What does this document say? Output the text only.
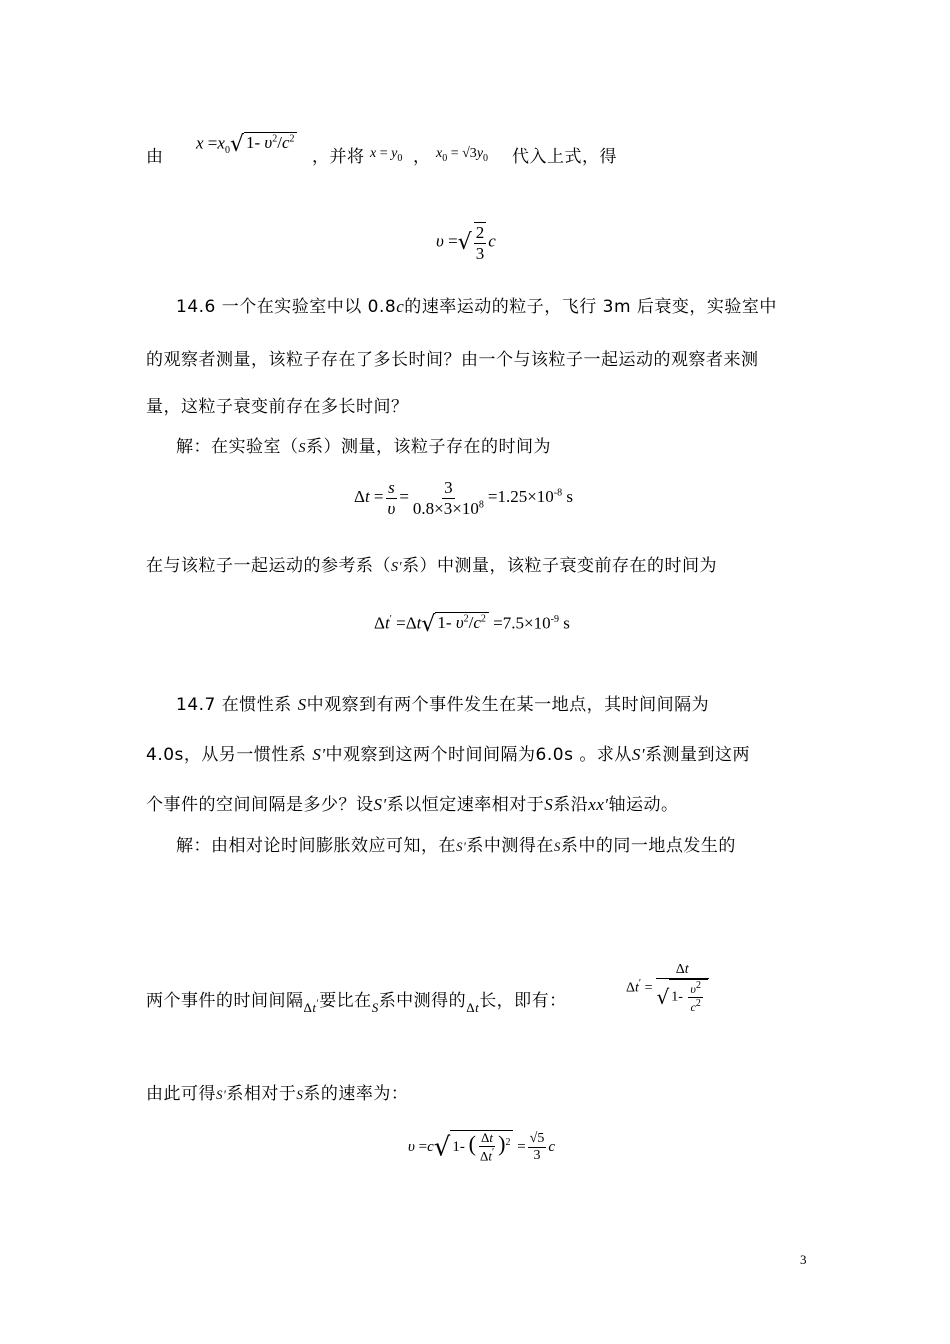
由
$x =x_0√$ 1- $\upsilon^2/c^2$
，并将 $x = y_0$ ， $x_0 = √3y_0$ 代入上式，得
υ =√ $\frac{2}{3}$ c
14.6 一个在实验室中以 0.8c的速率运动的粒子，飞行 3m 后衰变，实验室中
的观察者测量，该粒子存在了多长时间？由一个与该粒子一起运动的观察者来测
量，这粒子衰变前存在多长时间？
解：在实验室（S系）测量，该粒子存在的时间为
$\Delta t = \frac{s}{\upsilon} = \frac{3}{0.8\times 3\times 10^8} =1.25\times 10^{-8}$ s
在与该粒子一起运动的参考系（S′系）中测量，该粒子衰变前存在的时间为
Δt′ =Δt√ 1- $\upsilon^2/c^2 =7.5\times 10^{-9}$ s
14.7 在惯性系 S中观察到有两个事件发生在某一地点，其时间间隔为
4.0s，从另一惯性系 S′中观察到这两个时间间隔为6.0s 。求从S′系测量到这两
个事件的空间间隔是多少？设S′系以恒定速率相对于S系沿xx′轴运动。
解：由相对论时间膨胀效应可知，在S′系中测得在S系中的同一地点发生的
两个事件的时间间隔$_{\Delta t'}$要比在$_S$系中测得的$_{\Delta t}$长，即有：
$\Delta t' = \frac{\Delta t}{√ 1- \frac{\upsilon^2}{c^2}}$
由此可得S′系相对于S系的速率为：
υ =c√ 1- ( $\frac{\Delta t}{\Delta t'} )^2 = \frac{√5}{3}$ c
3
